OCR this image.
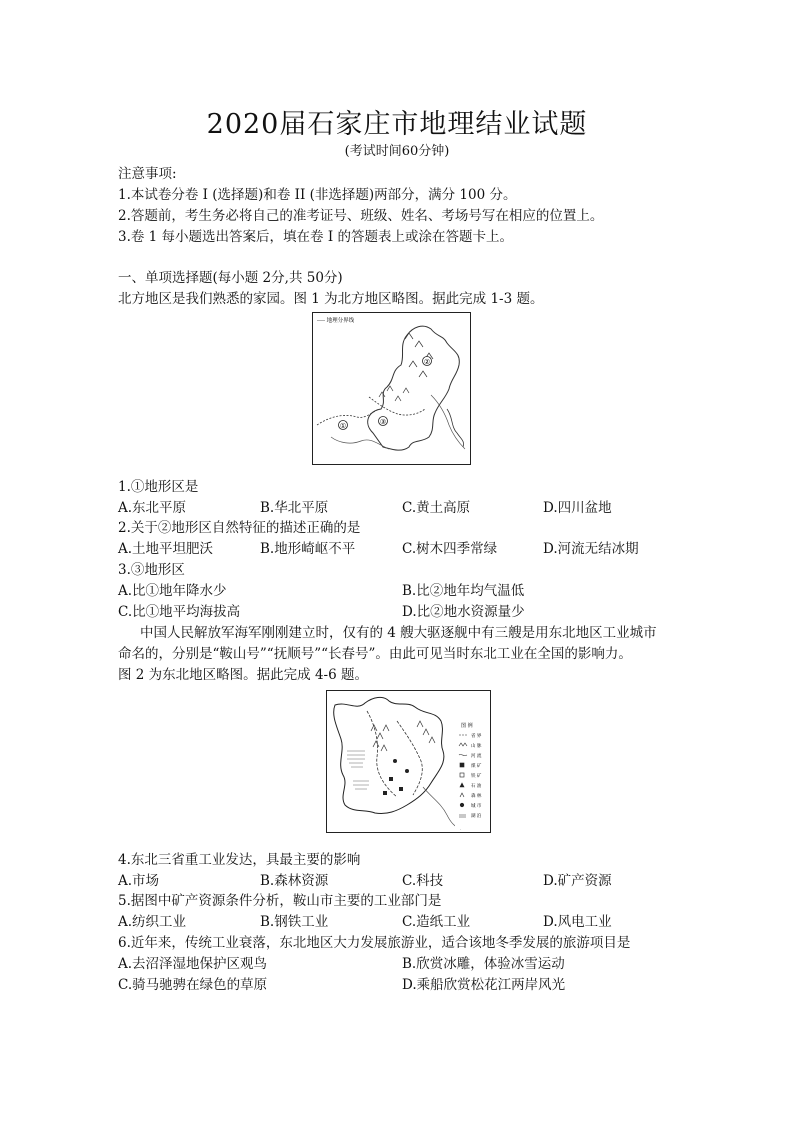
2020届石家庄市地理结业试题
(考试时间60分钟)
注意事项:
1.本试卷分卷 I (选择题)和卷 II (非选择题)两部分，满分 100 分。
2.答题前，考生务必将自己的准考证号、班级、姓名、考场号写在相应的位置上。
3.卷 1 每小题选出答案后，填在卷 I 的答题表上或涂在答题卡上。
一、单项选择题(每小题 2分,共 50分)
北方地区是我们熟悉的家园。图 1 为北方地区略图。据此完成 1-3 题。
---- 地理分界线
①
②
③
1.①地形区是
A.东北平原	B.华北平原	C.黄土高原	D.四川盆地
2.关于②地形区自然特征的描述正确的是
A.土地平坦肥沃	B.地形崎岖不平	C.树木四季常绿	D.河流无结冰期
3.③地形区
A.比①地年降水少	B.比②地年均气温低
C.比①地平均海拔高	D.比②地水资源量少
中国人民解放军海军刚刚建立时，仅有的 4 艘大驱逐舰中有三艘是用东北地区工业城市
命名的，分别是“鞍山号”“抚顺号”“长春号”。由此可见当时东北工业在全国的影响力。
图 2 为东北地区略图。据此完成 4-6 题。
图 例
省 界
山 脉
河 流
煤 矿
铁 矿
石 油
森 林
城 市
湖 泊
4.东北三省重工业发达，具最主要的影响
A.市场	B.森林资源	C.科技	D.矿产资源
5.据图中矿产资源条件分析，鞍山市主要的工业部门是
A.纺织工业	B.钢铁工业	C.造纸工业	D.风电工业
6.近年来，传统工业衰落，东北地区大力发展旅游业，适合该地冬季发展的旅游项目是
A.去沼泽湿地保护区观鸟	B.欣赏冰雕，体验冰雪运动
C.骑马驰骋在绿色的草原	D.乘船欣赏松花江两岸风光
